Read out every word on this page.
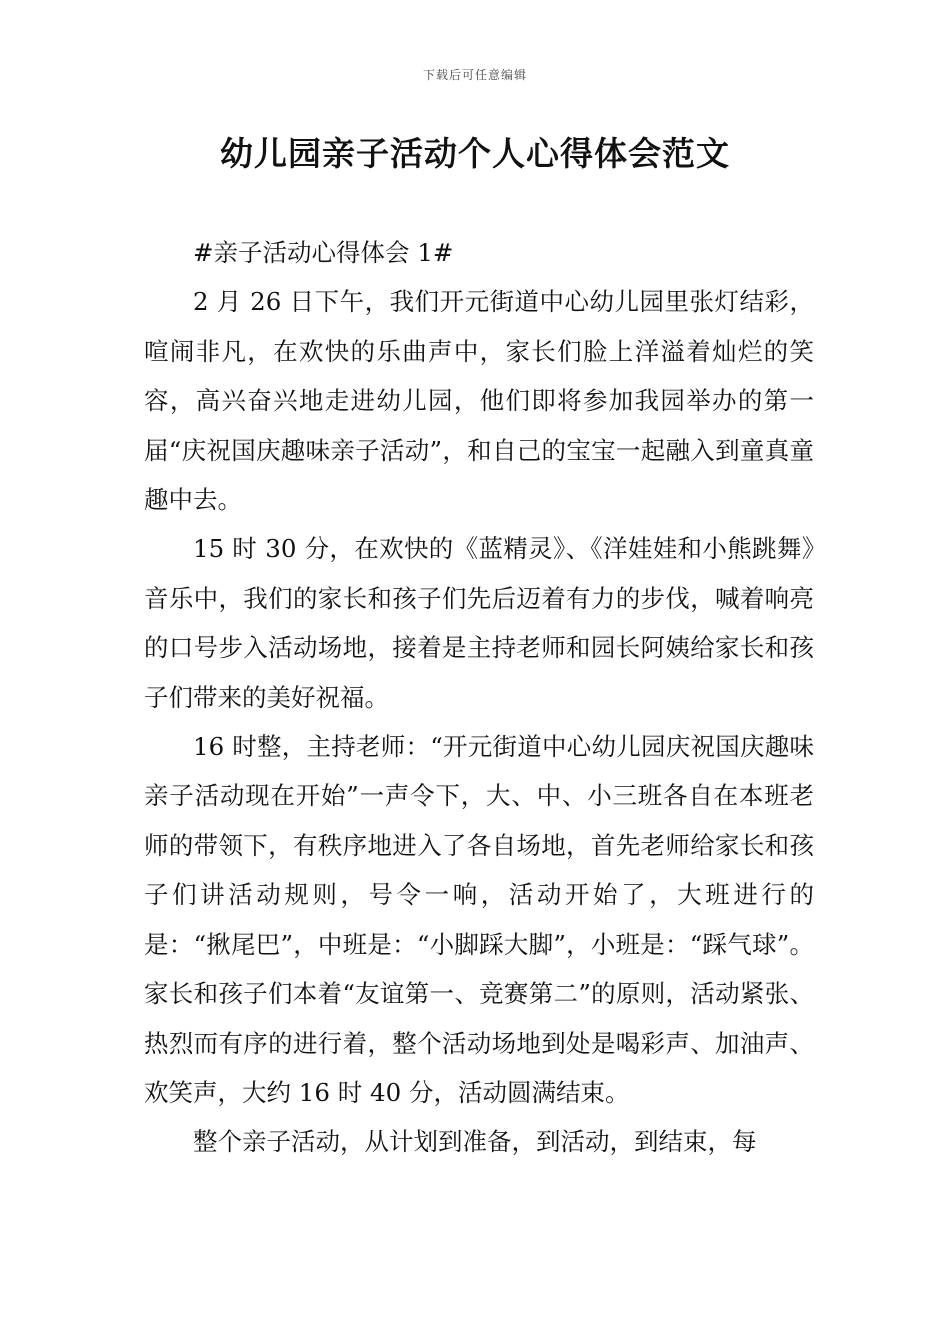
下载后可任意编辑
幼儿园亲子活动个人心得体会范文

#亲子活动心得体会 1#

2 月 26 日下午，我们开元街道中心幼儿园里张灯结彩，喧闹非凡，在欢快的乐曲声中，家长们脸上洋溢着灿烂的笑容，高兴奋兴地走进幼儿园，他们即将参加我园举办的第一届“庆祝国庆趣味亲子活动”，和自己的宝宝一起融入到童真童趣中去。

15 时 30 分，在欢快的《蓝精灵》、《洋娃娃和小熊跳舞》音乐中，我们的家长和孩子们先后迈着有力的步伐，喊着响亮的口号步入活动场地，接着是主持老师和园长阿姨给家长和孩子们带来的美好祝福。

16 时整，主持老师：“开元街道中心幼儿园庆祝国庆趣味亲子活动现在开始”一声令下，大、中、小三班各自在本班老师的带领下，有秩序地进入了各自场地，首先老师给家长和孩子们讲活动规则，号令一响，活动开始了，大班进行的是：“揪尾巴”，中班是：“小脚踩大脚”，小班是：“踩气球”。家长和孩子们本着“友谊第一、竞赛第二”的原则，活动紧张、热烈而有序的进行着，整个活动场地到处是喝彩声、加油声、欢笑声，大约 16 时 40 分，活动圆满结束。

整个亲子活动，从计划到准备，到活动，到结束，每
